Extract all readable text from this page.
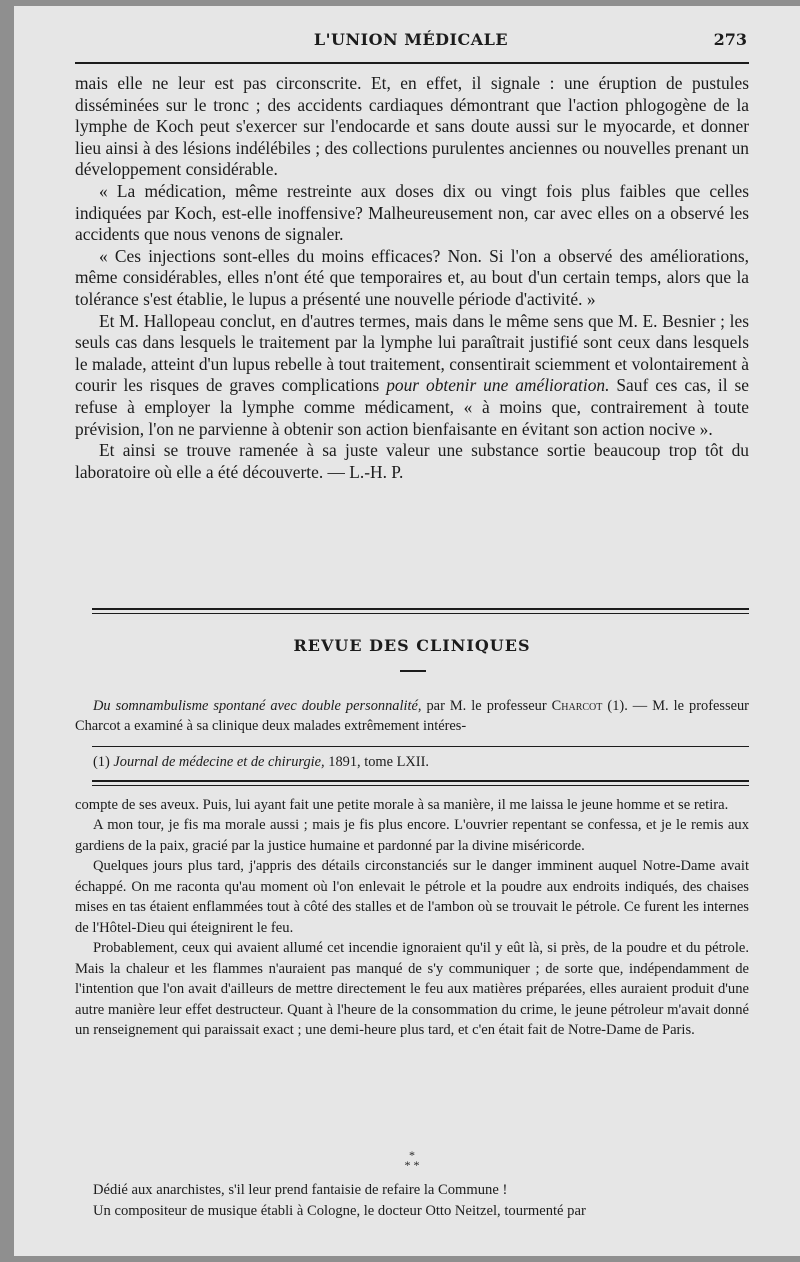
L'UNION MÉDICALE	273

mais elle ne leur est pas circonscrite. Et, en effet, il signale : une éruption de pustules disséminées sur le tronc ; des accidents cardiaques démontrant que l'action phlogogène de la lymphe de Koch peut s'exercer sur l'endocarde et sans doute aussi sur le myocarde, et donner lieu ainsi à des lésions indélébiles ; des collections purulentes anciennes ou nouvelles prenant un développement considérable.

« La médication, même restreinte aux doses dix ou vingt fois plus faibles que celles indiquées par Koch, est-elle inoffensive? Malheureusement non, car avec elles on a observé les accidents que nous venons de signaler.

« Ces injections sont-elles du moins efficaces? Non. Si l'on a observé des améliorations, même considérables, elles n'ont été que temporaires et, au bout d'un certain temps, alors que la tolérance s'est établie, le lupus a présenté une nouvelle période d'activité. »

Et M. Hallopeau conclut, en d'autres termes, mais dans le même sens que M. E. Besnier ; les seuls cas dans lesquels le traitement par la lymphe lui paraîtrait justifié sont ceux dans lesquels le malade, atteint d'un lupus rebelle à tout traitement, consentirait sciemment et volontairement à courir les risques de graves complications pour obtenir une amélioration. Sauf ces cas, il se refuse à employer la lymphe comme médicament, « à moins que, contrairement à toute prévision, l'on ne parvienne à obtenir son action bienfaisante en évitant son action nocive ».

Et ainsi se trouve ramenée à sa juste valeur une substance sortie beaucoup trop tôt du laboratoire où elle a été découverte. — L.-H. P.

REVUE DES CLINIQUES

Du somnambulisme spontané avec double personnalité, par M. le professeur Charcot (1). — M. le professeur Charcot a examiné à sa clinique deux malades extrêmement intéres-

(1) Journal de médecine et de chirurgie, 1891, tome LXII.

compte de ses aveux. Puis, lui ayant fait une petite morale à sa manière, il me laissa le jeune homme et se retira.

A mon tour, je fis ma morale aussi ; mais je fis plus encore. L'ouvrier repentant se confessa, et je le remis aux gardiens de la paix, gracié par la justice humaine et pardonné par la divine miséricorde.

Quelques jours plus tard, j'appris des détails circonstanciés sur le danger imminent auquel Notre-Dame avait échappé. On me raconta qu'au moment où l'on enlevait le pétrole et la poudre aux endroits indiqués, des chaises mises en tas étaient enflammées tout à côté des stalles et de l'ambon où se trouvait le pétrole. Ce furent les internes de l'Hôtel-Dieu qui éteignirent le feu.

Probablement, ceux qui avaient allumé cet incendie ignoraient qu'il y eût là, si près, de la poudre et du pétrole. Mais la chaleur et les flammes n'auraient pas manqué de s'y communiquer ; de sorte que, indépendamment de l'intention que l'on avait d'ailleurs de mettre directement le feu aux matières préparées, elles auraient produit d'une autre manière leur effet destructeur. Quant à l'heure de la consommation du crime, le jeune pétroleur m'avait donné un renseignement qui paraissait exact ; une demi-heure plus tard, et c'en était fait de Notre-Dame de Paris.

*
* *

Dédié aux anarchistes, s'il leur prend fantaisie de refaire la Commune !

Un compositeur de musique établi à Cologne, le docteur Otto Neitzel, tourmenté par
